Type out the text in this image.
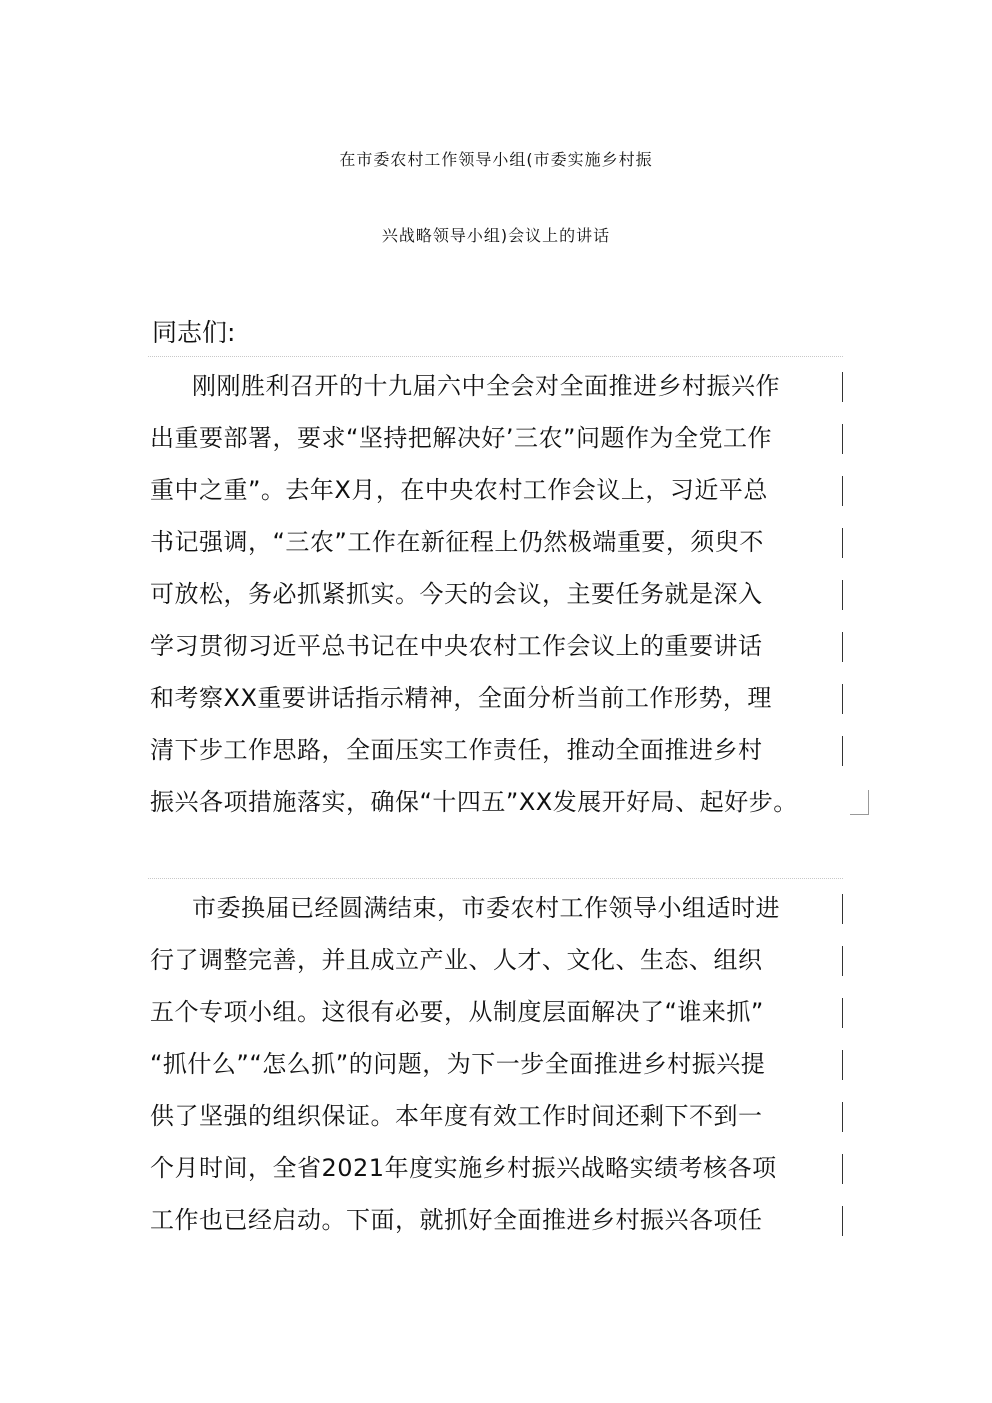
在市委农村工作领导小组(市委实施乡村振
兴战略领导小组)会议上的讲话
同志们:
刚刚胜利召开的十九届六中全会对全面推进乡村振兴作
出重要部署，要求“坚持把解决好’三农”问题作为全党工作
重中之重”。去年X月，在中央农村工作会议上，习近平总
书记强调，“三农”工作在新征程上仍然极端重要，须臾不
可放松，务必抓紧抓实。今天的会议，主要任务就是深入
学习贯彻习近平总书记在中央农村工作会议上的重要讲话
和考察XX重要讲话指示精神，全面分析当前工作形势，理
清下步工作思路，全面压实工作责任，推动全面推进乡村
振兴各项措施落实，确保“十四五”XX发展开好局、起好步。
市委换届已经圆满结束，市委农村工作领导小组适时进
行了调整完善，并且成立产业、人才、文化、生态、组织
五个专项小组。这很有必要，从制度层面解决了“谁来抓”
“抓什么”“怎么抓”的问题，为下一步全面推进乡村振兴提
供了坚强的组织保证。本年度有效工作时间还剩下不到一
个月时间，全省2021年度实施乡村振兴战略实绩考核各项
工作也已经启动。下面，就抓好全面推进乡村振兴各项任
